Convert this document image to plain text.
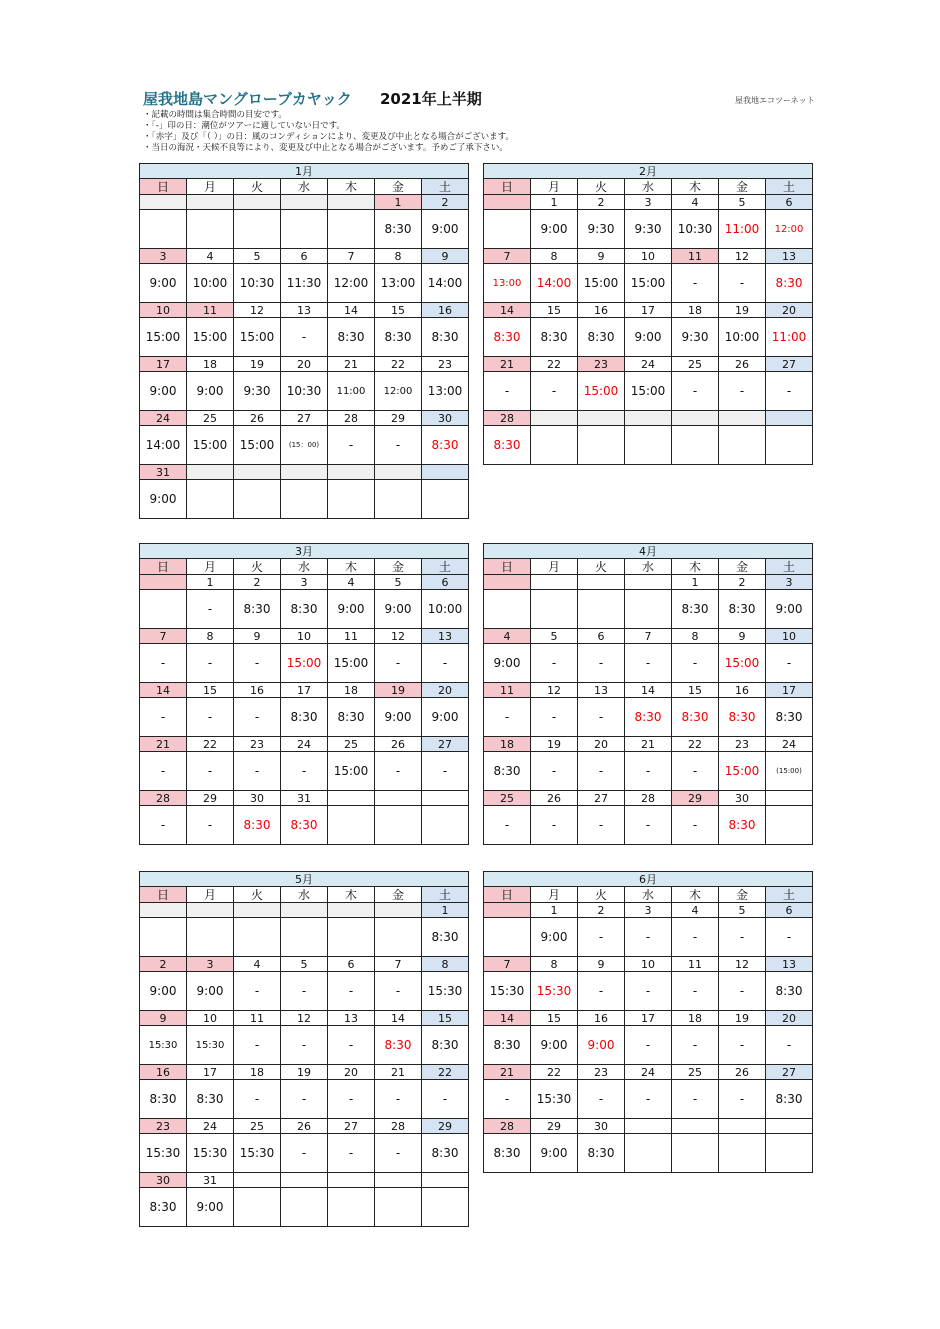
屋我地島マングローブカヤック 2021年上半期	屋我地エコツーネット
・記載の時間は集合時間の目安です。
・「-」印の日：潮位がツアーに適していない日です。
・「赤字」及び「（ ）」の日：風のコンディションにより、変更及び中止となる場合がございます。
・当日の海況・天候不良等により、変更及び中止となる場合がございます。予めご了承下さい。
1月						
日	月	火	水	木	金	土
					1	2
					8:30	9:00
3	4	5	6	7	8	9
9:00	10:00	10:30	11:30	12:00	13:00	14:00
10	11	12	13	14	15	16
15:00	15:00	15:00	-	8:30	8:30	8:30
17	18	19	20	21	22	23
9:00	9:00	9:30	10:30	11:00	12:00	13:00
24	25	26	27	28	29	30
14:00	15:00	15:00	(15：00)	-	-	8:30
31						
9:00						
2月						
日	月	火	水	木	金	土
	1	2	3	4	5	6
	9:00	9:30	9:30	10:30	11:00	12:00
7	8	9	10	11	12	13
13:00	14:00	15:00	15:00	-	-	8:30
14	15	16	17	18	19	20
8:30	8:30	8:30	9:00	9:30	10:00	11:00
21	22	23	24	25	26	27
-	-	15:00	15:00	-	-	-
28						
8:30						
3月						
日	月	火	水	木	金	土
	1	2	3	4	5	6
	-	8:30	8:30	9:00	9:00	10:00
7	8	9	10	11	12	13
-	-	-	15:00	15:00	-	-
14	15	16	17	18	19	20
-	-	-	8:30	8:30	9:00	9:00
21	22	23	24	25	26	27
-	-	-	-	15:00	-	-
28	29	30	31			
-	-	8:30	8:30			
4月						
日	月	火	水	木	金	土
				1	2	3
				8:30	8:30	9:00
4	5	6	7	8	9	10
9:00	-	-	-	-	15:00	-
11	12	13	14	15	16	17
-	-	-	8:30	8:30	8:30	8:30
18	19	20	21	22	23	24
8:30	-	-	-	-	15:00	(15:00)
25	26	27	28	29	30	
-	-	-	-	-	8:30	
5月						
日	月	火	水	木	金	土
						1
						8:30
2	3	4	5	6	7	8
9:00	9:00	-	-	-	-	15:30
9	10	11	12	13	14	15
15:30	15:30	-	-	-	8:30	8:30
16	17	18	19	20	21	22
8:30	8:30	-	-	-	-	-
23	24	25	26	27	28	29
15:30	15:30	15:30	-	-	-	8:30
30	31					
8:30	9:00					
6月						
日	月	火	水	木	金	土
	1	2	3	4	5	6
	9:00	-	-	-	-	-
7	8	9	10	11	12	13
15:30	15:30	-	-	-	-	8:30
14	15	16	17	18	19	20
8:30	9:00	9:00	-	-	-	-
21	22	23	24	25	26	27
-	15:30	-	-	-	-	8:30
28	29	30				
8:30	9:00	8:30				
